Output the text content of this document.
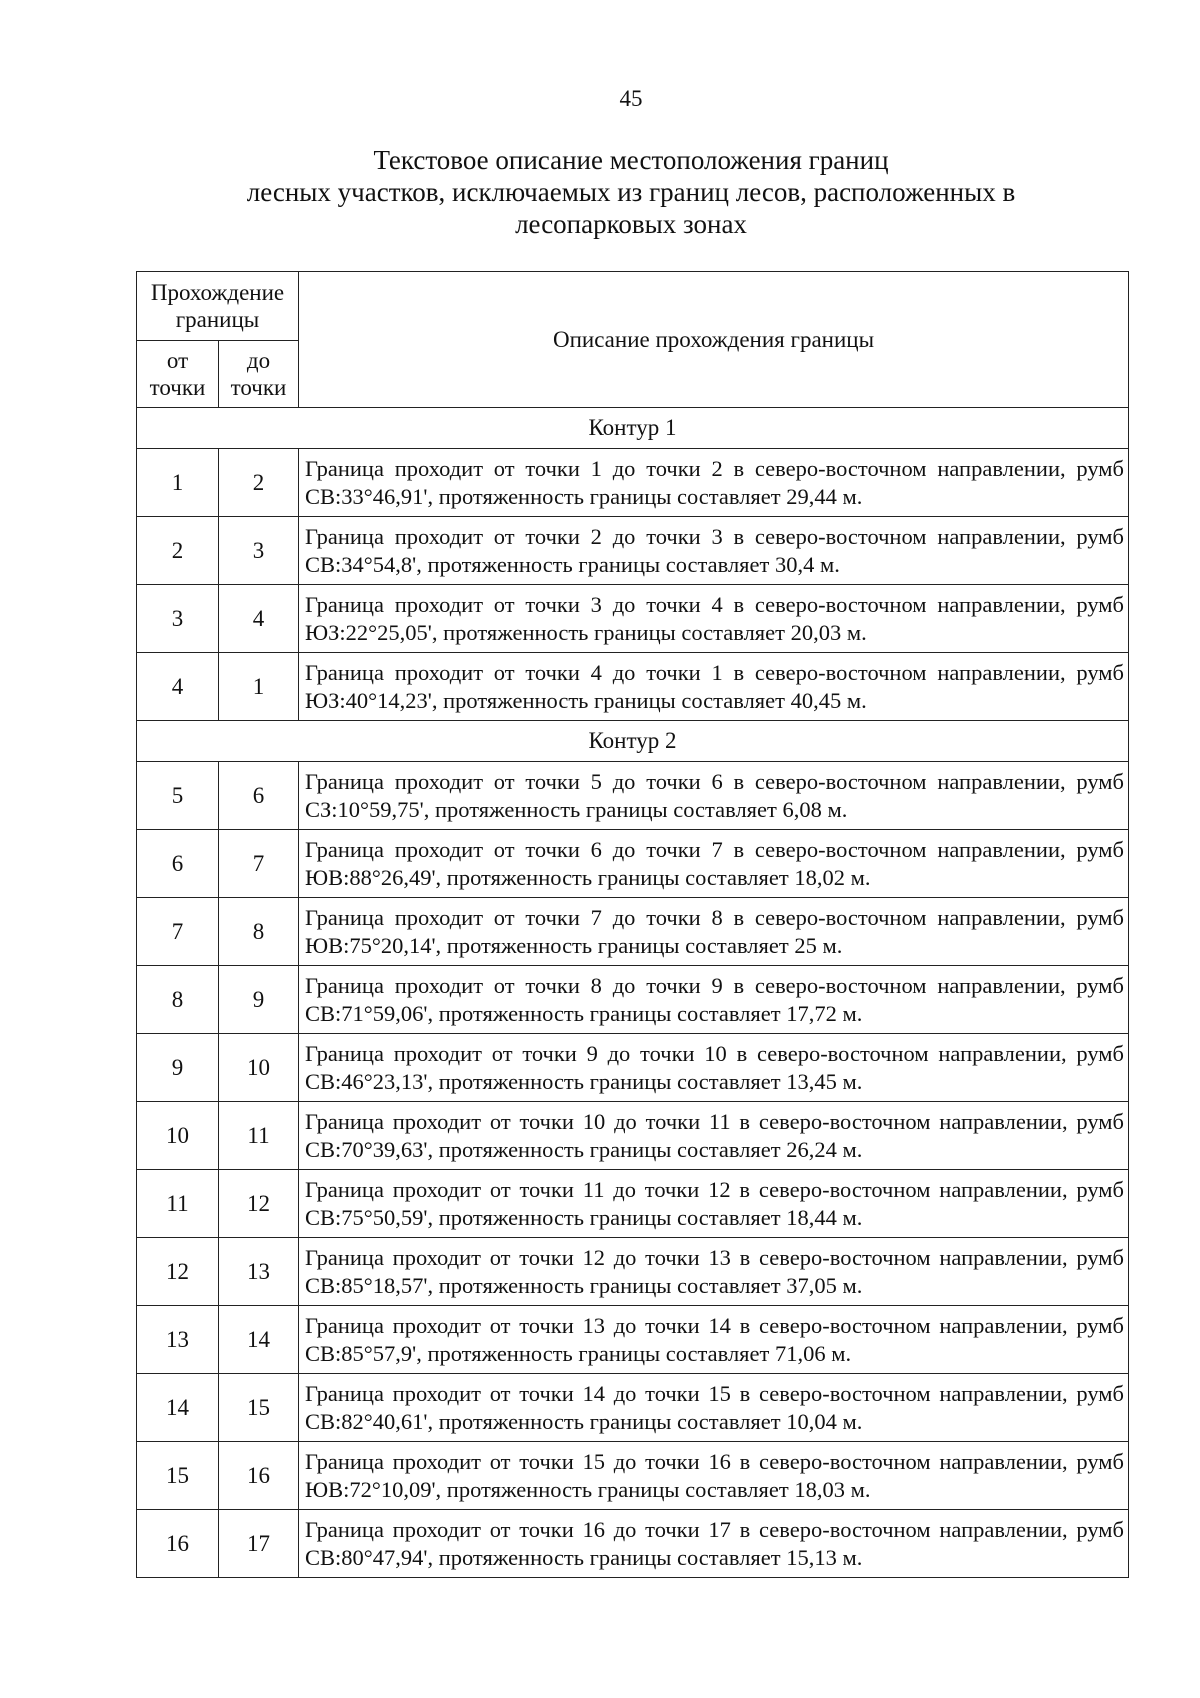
45
Текстовое описание местоположения границ
лесных участков, исключаемых из границ лесов, расположенных в
лесопарковых зонах
Прохождение границы		Описание прохождения границы
от точки	до точки	
Контур 1		
1	2	Граница проходит от точки 1 до точки 2 в северо-восточном направлении, румб СВ:33°46,91', протяженность границы составляет 29,44 м.
2	3	Граница проходит от точки 2 до точки 3 в северо-восточном направлении, румб СВ:34°54,8', протяженность границы составляет 30,4 м.
3	4	Граница проходит от точки 3 до точки 4 в северо-восточном направлении, румб ЮЗ:22°25,05', протяженность границы составляет 20,03 м.
4	1	Граница проходит от точки 4 до точки 1 в северо-восточном направлении, румб ЮЗ:40°14,23', протяженность границы составляет 40,45 м.
Контур 2		
5	6	Граница проходит от точки 5 до точки 6 в северо-восточном направлении, румб СЗ:10°59,75', протяженность границы составляет 6,08 м.
6	7	Граница проходит от точки 6 до точки 7 в северо-восточном направлении, румб ЮВ:88°26,49', протяженность границы составляет 18,02 м.
7	8	Граница проходит от точки 7 до точки 8 в северо-восточном направлении, румб ЮВ:75°20,14', протяженность границы составляет 25 м.
8	9	Граница проходит от точки 8 до точки 9 в северо-восточном направлении, румб СВ:71°59,06', протяженность границы составляет 17,72 м.
9	10	Граница проходит от точки 9 до точки 10 в северо-восточном направлении, румб СВ:46°23,13', протяженность границы составляет 13,45 м.
10	11	Граница проходит от точки 10 до точки 11 в северо-восточном направлении, румб СВ:70°39,63', протяженность границы составляет 26,24 м.
11	12	Граница проходит от точки 11 до точки 12 в северо-восточном направлении, румб СВ:75°50,59', протяженность границы составляет 18,44 м.
12	13	Граница проходит от точки 12 до точки 13 в северо-восточном направлении, румб СВ:85°18,57', протяженность границы составляет 37,05 м.
13	14	Граница проходит от точки 13 до точки 14 в северо-восточном направлении, румб СВ:85°57,9', протяженность границы составляет 71,06 м.
14	15	Граница проходит от точки 14 до точки 15 в северо-восточном направлении, румб СВ:82°40,61', протяженность границы составляет 10,04 м.
15	16	Граница проходит от точки 15 до точки 16 в северо-восточном направлении, румб ЮВ:72°10,09', протяженность границы составляет 18,03 м.
16	17	Граница проходит от точки 16 до точки 17 в северо-восточном направлении, румб СВ:80°47,94', протяженность границы составляет 15,13 м.
